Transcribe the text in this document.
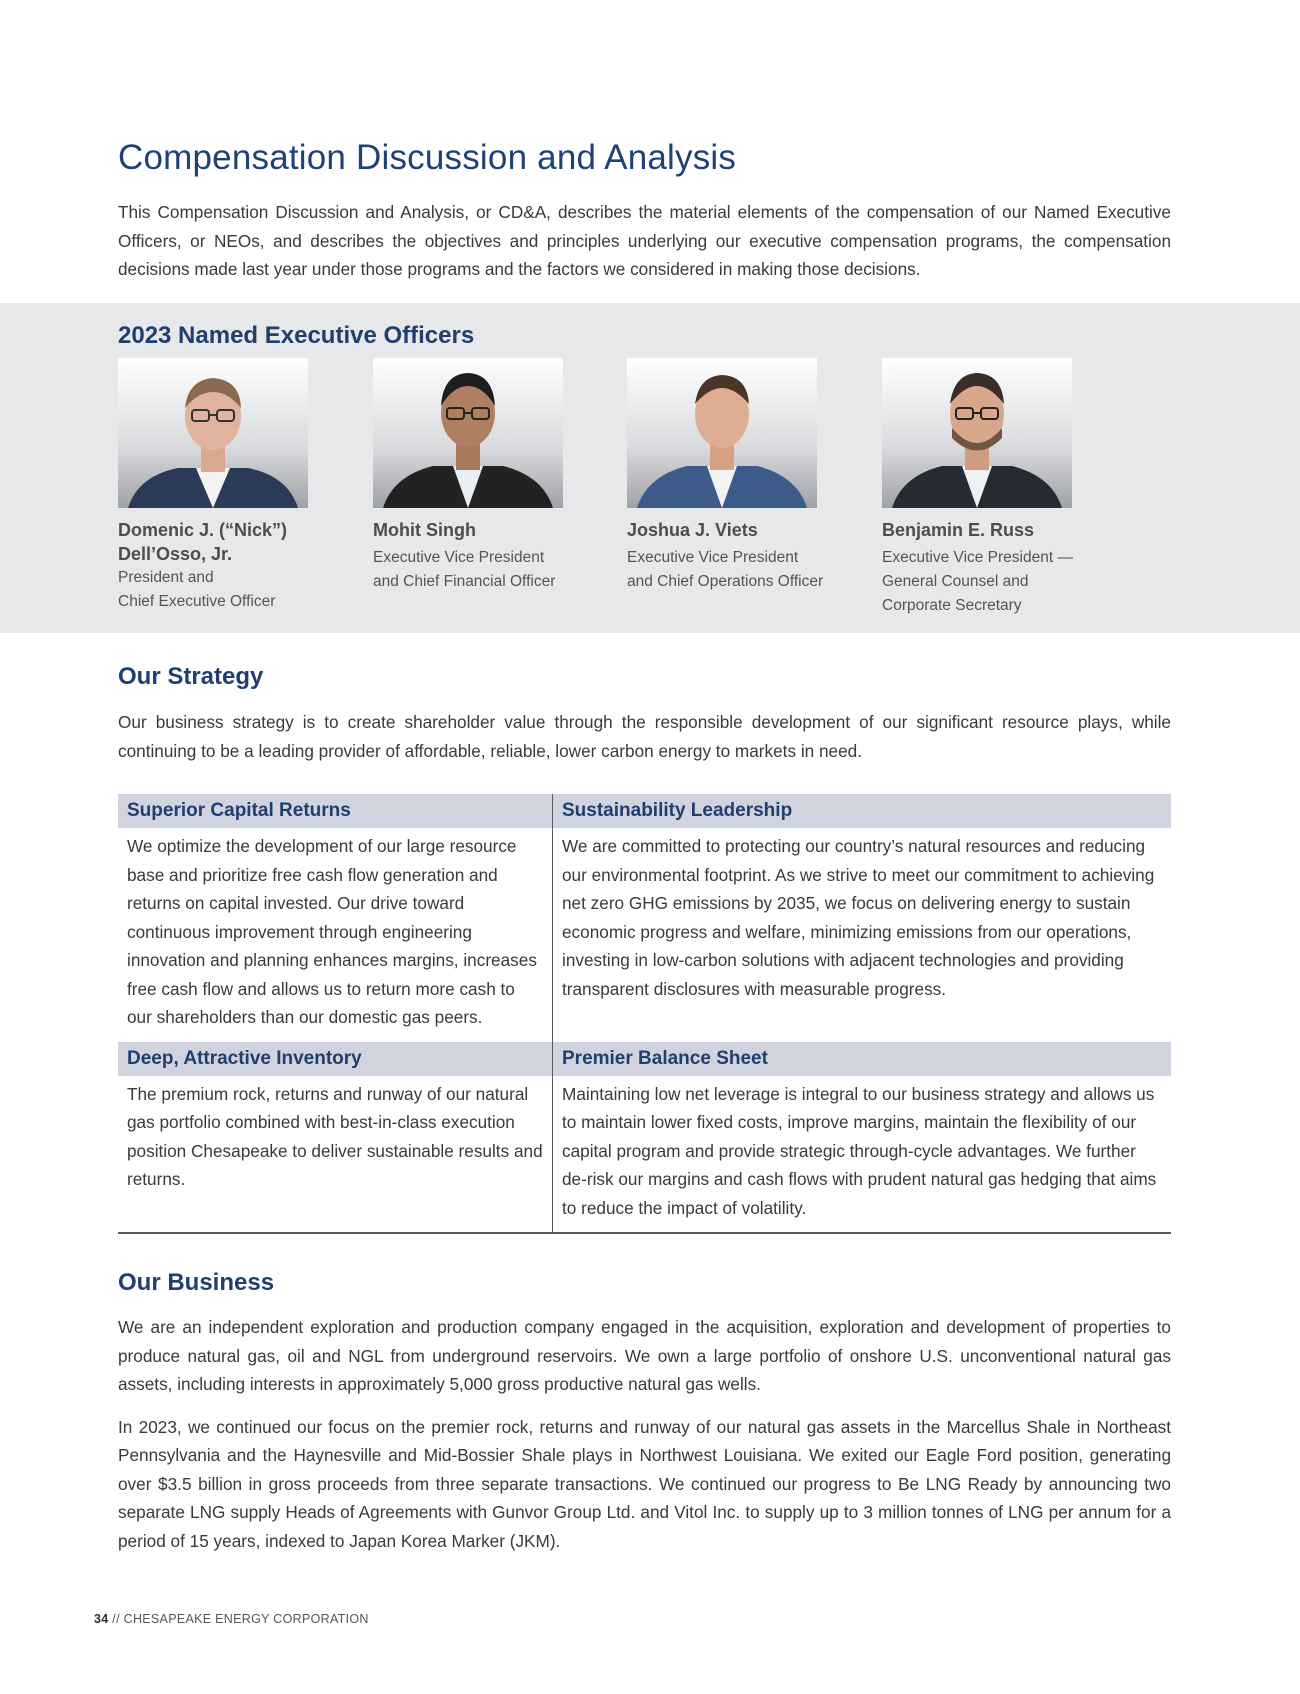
Compensation Discussion and Analysis

This Compensation Discussion and Analysis, or CD&A, describes the material elements of the compensation of our Named Executive Officers, or NEOs, and describes the objectives and principles underlying our executive compensation programs, the compensation decisions made last year under those programs and the factors we considered in making those decisions.

2023 Named Executive Officers
Domenic J. (“Nick”)
Dell’Osso, Jr.
President and
Chief Executive Officer
Mohit Singh
Executive Vice President
and Chief Financial Officer
Joshua J. Viets
Executive Vice President
and Chief Operations Officer
Benjamin E. Russ
Executive Vice President —
General Counsel and
Corporate Secretary
Our Strategy

Our business strategy is to create shareholder value through the responsible development of our significant resource plays, while continuing to be a leading provider of affordable, reliable, lower carbon energy to markets in need.

Superior Capital Returns	Sustainability Leadership
We optimize the development of our large resource base and prioritize free cash flow generation and returns on capital invested. Our drive toward continuous improvement through engineering innovation and planning enhances margins, increases free cash flow and allows us to return more cash to our shareholders than our domestic gas peers.
We are committed to protecting our country’s natural resources and reducing our environmental footprint. As we strive to meet our commitment to achieving net zero GHG emissions by 2035, we focus on delivering energy to sustain economic progress and welfare, minimizing emissions from our operations, investing in low-carbon solutions with adjacent technologies and providing transparent disclosures with measurable progress.
Deep, Attractive Inventory	Premier Balance Sheet
The premium rock, returns and runway of our natural gas portfolio combined with best-in-class execution position Chesapeake to deliver sustainable results and returns.
Maintaining low net leverage is integral to our business strategy and allows us to maintain lower fixed costs, improve margins, maintain the flexibility of our capital program and provide strategic through-cycle advantages. We further de-risk our margins and cash flows with prudent natural gas hedging that aims to reduce the impact of volatility.
Our Business

We are an independent exploration and production company engaged in the acquisition, exploration and development of properties to produce natural gas, oil and NGL from underground reservoirs. We own a large portfolio of onshore U.S. unconventional natural gas assets, including interests in approximately 5,000 gross productive natural gas wells.

In 2023, we continued our focus on the premier rock, returns and runway of our natural gas assets in the Marcellus Shale in Northeast Pennsylvania and the Haynesville and Mid-Bossier Shale plays in Northwest Louisiana. We exited our Eagle Ford position, generating over $3.5 billion in gross proceeds from three separate transactions. We continued our progress to Be LNG Ready by announcing two separate LNG supply Heads of Agreements with Gunvor Group Ltd. and Vitol Inc. to supply up to 3 million tonnes of LNG per annum for a period of 15 years, indexed to Japan Korea Marker (JKM).

34 // CHESAPEAKE ENERGY CORPORATION
